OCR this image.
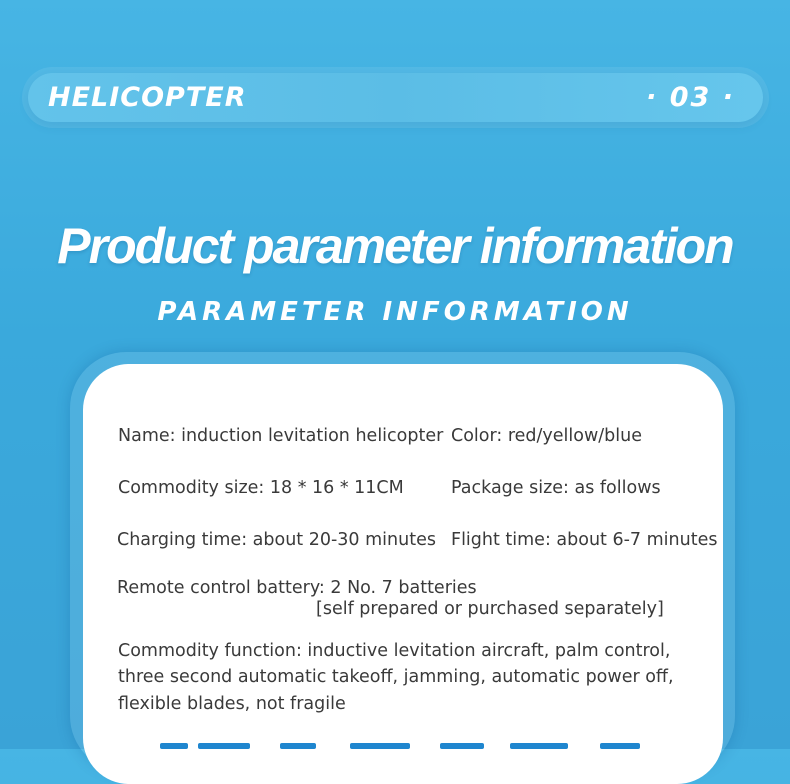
HELICOPTER	· 03 ·
Product parameter information
PARAMETER INFORMATION
Name: induction levitation helicopter Color: red/yellow/blue
Commodity size: 18 * 16 * 11CM	Package size: as follows
Charging time: about 20-30 minutes Flight time: about 6-7 minutes
Remote control battery: 2 No. 7 batteries
[self prepared or purchased separately]
Commodity function: inductive levitation aircraft, palm control,
three second automatic takeoff, jamming, automatic power off,
flexible blades, not fragile
